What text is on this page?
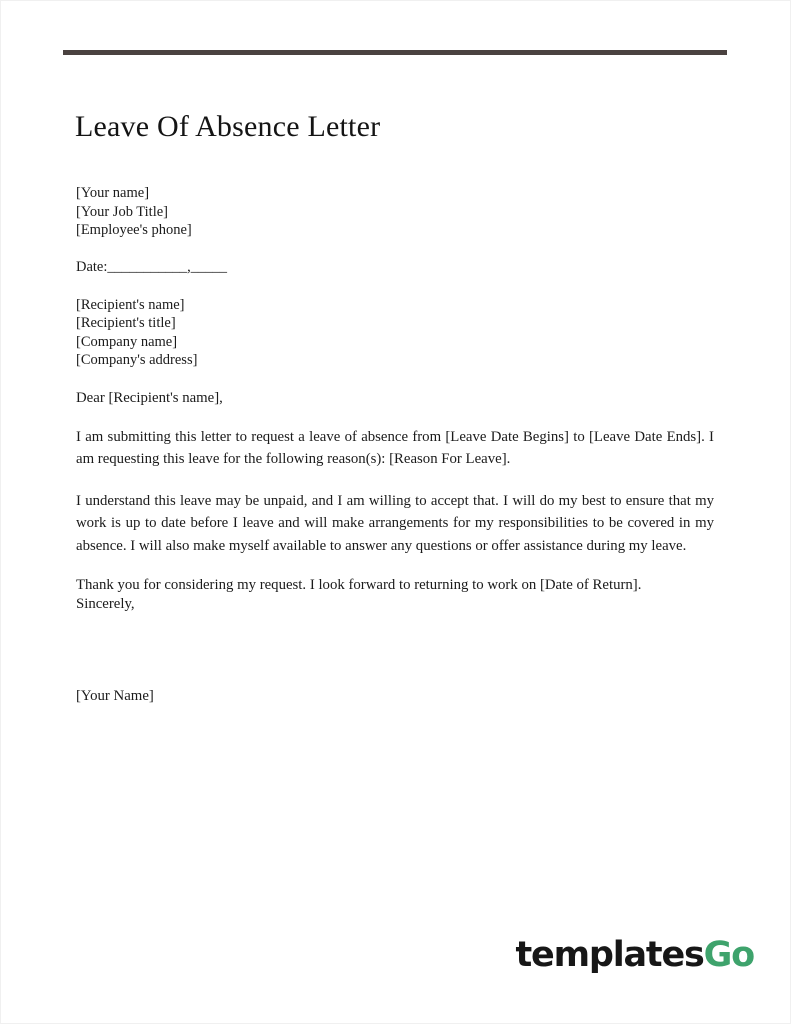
Leave Of Absence Letter
[Your name]
[Your Job Title]
[Employee's phone]
Date:___________,_____
[Recipient's name]
[Recipient's title]
[Company name]
[Company's address]
Dear [Recipient's name],

I am submitting this letter to request a leave of absence from [Leave Date Begins] to [Leave Date Ends]. I am requesting this leave for the following reason(s): [Reason For Leave].

I understand this leave may be unpaid, and I am willing to accept that. I will do my best to ensure that my work is up to date before I leave and will make arrangements for my responsibilities to be covered in my absence. I will also make myself available to answer any questions or offer assistance during my leave.

Thank you for considering my request. I look forward to returning to work on [Date of Return].
Sincerely,
[Your Name]
templatesGo
